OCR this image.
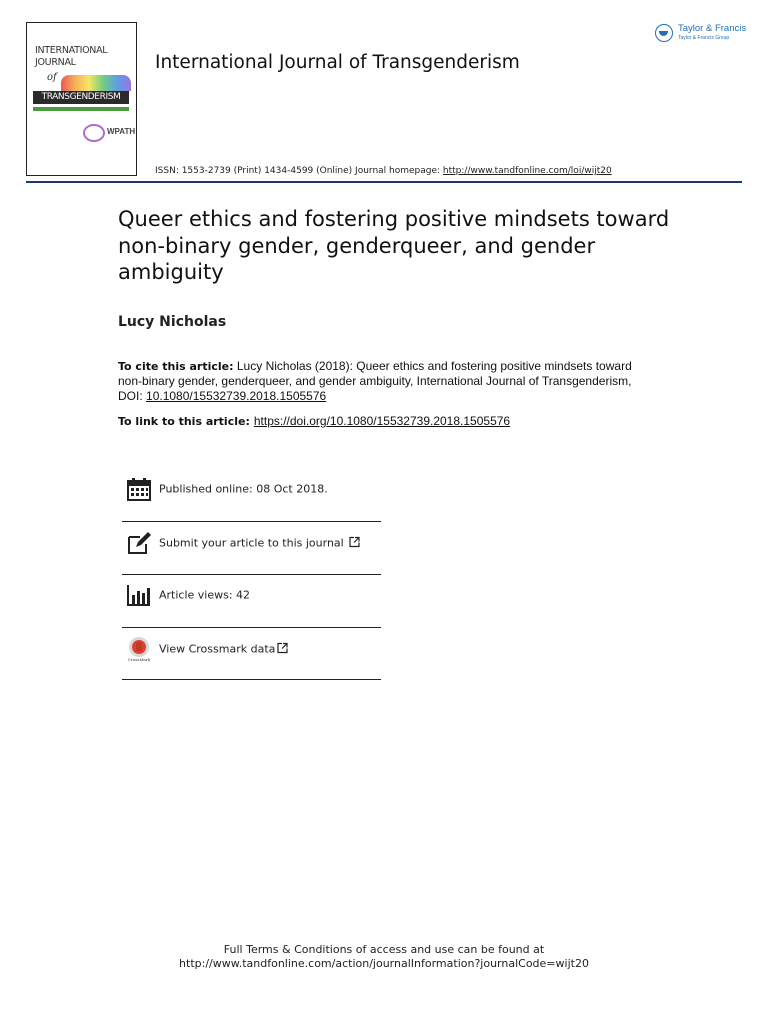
INTERNATIONAL
JOURNAL
of
TRANSGENDERISM
WPATH
International Journal of Transgenderism
ISSN: 1553-2739 (Print) 1434-4599 (Online) Journal homepage: http://www.tandfonline.com/loi/wijt20
Taylor & Francis
Taylor & Francis Group
Queer ethics and fostering positive mindsets toward non-binary gender, genderqueer, and gender ambiguity
Lucy Nicholas
To cite this article: Lucy Nicholas (2018): Queer ethics and fostering positive mindsets toward non-binary gender, genderqueer, and gender ambiguity, International Journal of Transgenderism, DOI: 10.1080/15532739.2018.1505576
To link to this article: https://doi.org/10.1080/15532739.2018.1505576
Published online: 08 Oct 2018.
Submit your article to this journal
Article views: 42
CrossMark
View Crossmark data
Full Terms & Conditions of access and use can be found at
http://www.tandfonline.com/action/journalInformation?journalCode=wijt20
